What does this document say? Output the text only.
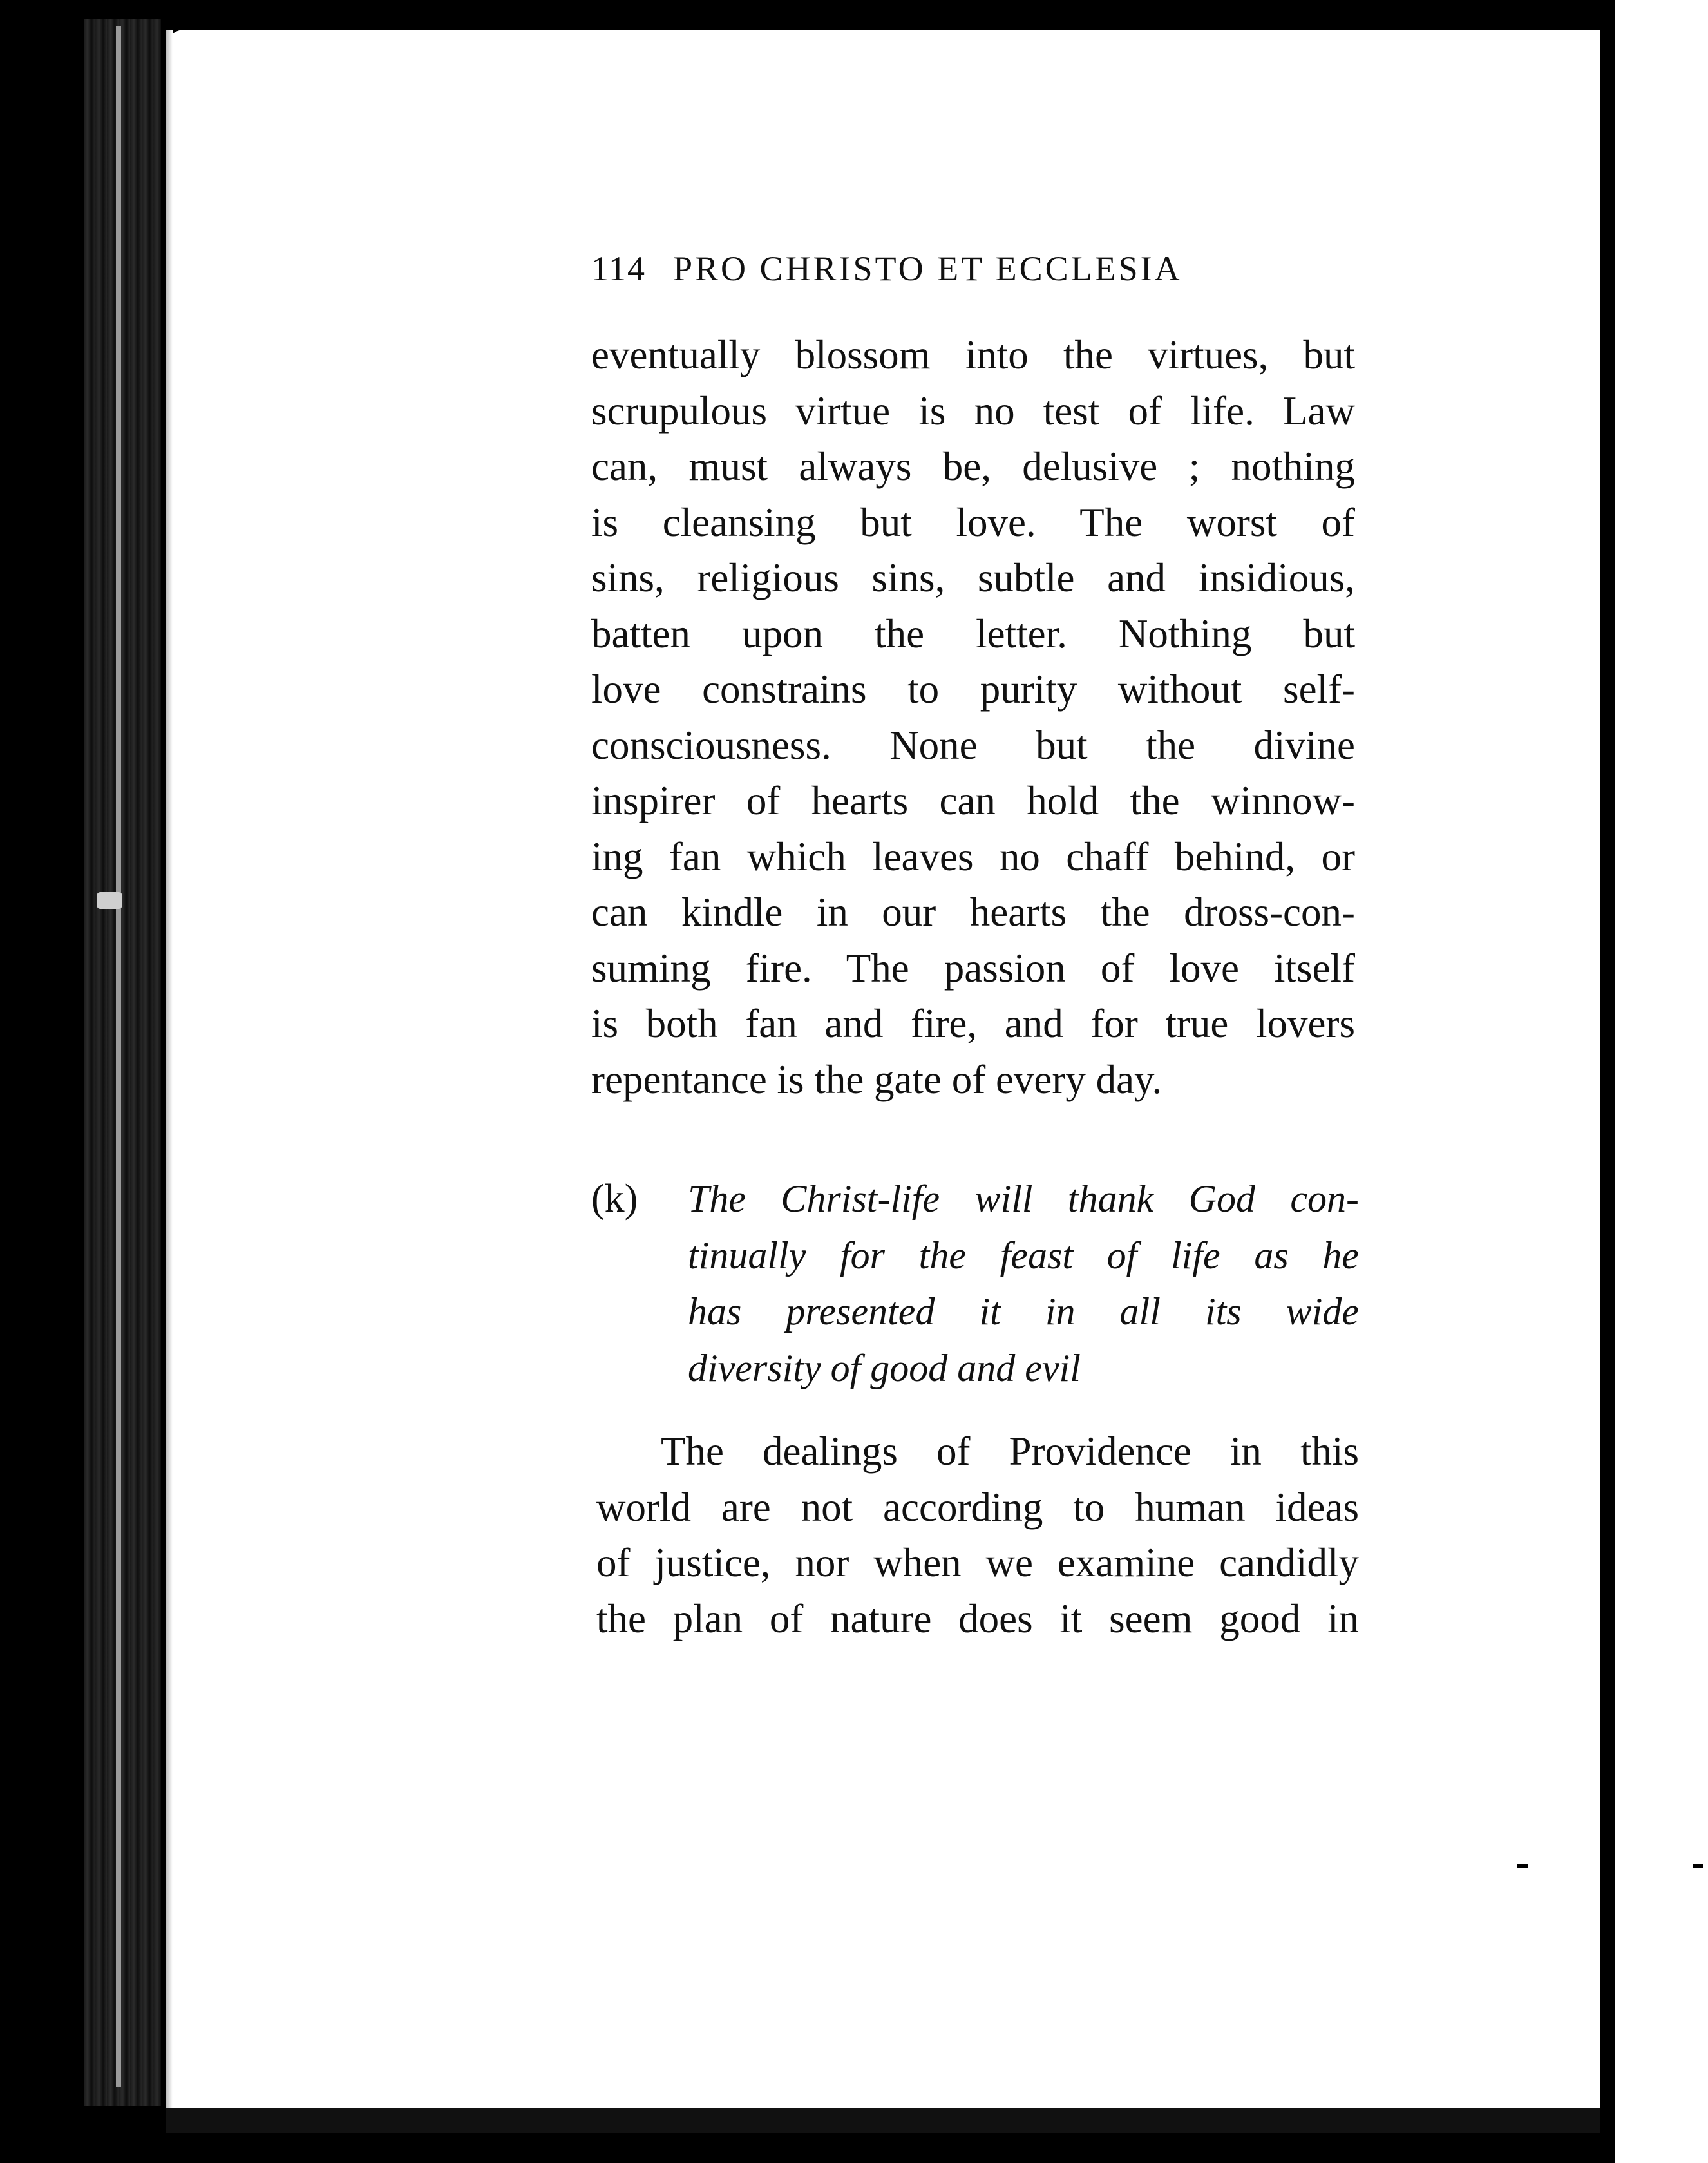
114 PRO CHRISTO ET ECCLESIA
eventually blossom into the virtues, but
scrupulous virtue is no test of life. Law
can, must always be, delusive ; nothing
is cleansing but love. The worst of
sins, religious sins, subtle and insidious,
batten upon the letter. Nothing but
love constrains to purity without self-
consciousness. None but the divine
inspirer of hearts can hold the winnow-
ing fan which leaves no chaff behind, or
can kindle in our hearts the dross-con-
suming fire. The passion of love itself
is both fan and fire, and for true lovers
repentance is the gate of every day.
(k) The Christ-life will thank God con-
tinually for the feast of life as he
has presented it in all its wide
diversity of good and evil
The dealings of Providence in this
world are not according to human ideas
of justice, nor when we examine candidly
the plan of nature does it seem good in
